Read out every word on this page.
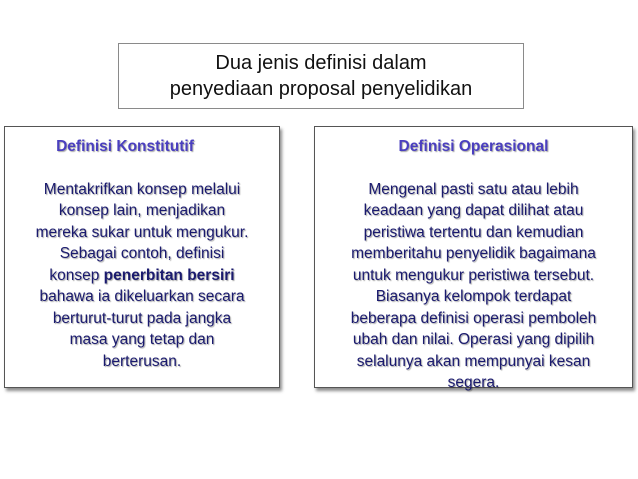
Dua jenis definisi dalam
penyediaan proposal penyelidikan
Definisi Konstitutif
Mentakrifkan konsep melalui
konsep lain, menjadikan
mereka sukar untuk mengukur.
Sebagai contoh, definisi
konsep penerbitan bersiri
bahawa ia dikeluarkan secara
berturut-turut pada jangka
masa yang tetap dan
berterusan.
Definisi Operasional
Mengenal pasti satu atau lebih
keadaan yang dapat dilihat atau
peristiwa tertentu dan kemudian
memberitahu penyelidik bagaimana
untuk mengukur peristiwa tersebut.
Biasanya kelompok terdapat
beberapa definisi operasi pemboleh
ubah dan nilai. Operasi yang dipilih
selalunya akan mempunyai kesan
segera.
